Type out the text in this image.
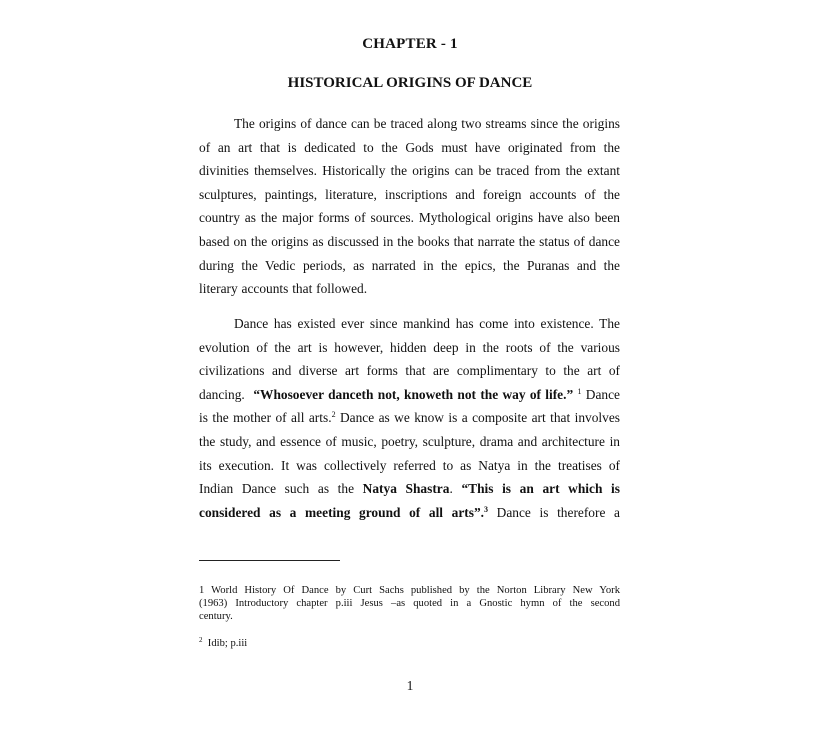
CHAPTER - 1
HISTORICAL ORIGINS OF DANCE
The origins of dance can be traced along two streams since the origins
of an art that is dedicated to the Gods must have originated from the
divinities themselves. Historically the origins can be traced from the extant
sculptures, paintings, literature, inscriptions and foreign accounts of the
country as the major forms of sources. Mythological origins have also been
based on the origins as discussed in the books that narrate the status of dance
during the Vedic periods, as narrated in the epics, the Puranas and the
literary accounts that followed.
Dance has existed ever since mankind has come into existence. The
evolution of the art is however, hidden deep in the roots of the various
civilizations and diverse art forms that are complimentary to the art of
dancing. “Whosoever danceth not, knoweth not the way of life.” $^1$ Dance
is the mother of all arts.$^2$ Dance as we know is a composite art that involves
the study, and essence of music, poetry, sculpture, drama and architecture in
its execution. It was collectively referred to as Natya in the treatises of
Indian Dance such as the Natya Shastra. “This is an art which is
considered as a meeting ground of all arts”.$^3$ Dance is therefore a
1 World History Of Dance by Curt Sachs published by the Norton Library New York
(1963) Introductory chapter p.iii Jesus –as quoted in a Gnostic hymn of the second
century.
$^2$ Idib; p.iii
1
